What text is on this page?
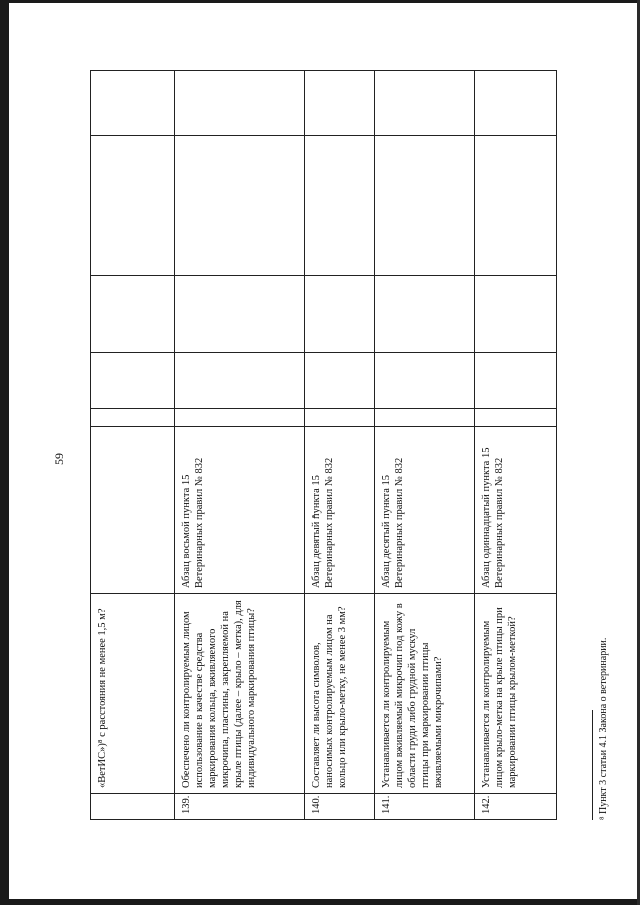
59
	«ВетИС»)⁸ с расстояния не менее 1,5 м?						
139.	Обеспечено ли контролируемым лицом использование в качестве средства маркирования кольца, вживляемого микрочипа, пластины, закрепляемой на крыле птицы (далее – крыло – метка), для индивидуального маркирования птицы?	Абзац восьмой пункта 15 Ветеринарных правил № 832					
140.	Составляет ли высота символов, наносимых контролируемым лицом на кольцо или крыло-метку, не менее 3 мм?	Абзац девятый пункта 15 Ветеринарных правил № 832					
141.	Устанавливается ли контролируемым лицом вживляемый микрочип под кожу в области груди либо грудной мускул птицы при маркировании птицы вживляемыми микрочипами?	Абзац десятый пункта 15 Ветеринарных правил № 832					
142.	Устанавливается ли контролируемым лицом крыло-метка на крыле птицы при маркировании птицы крылом-меткой?	Абзац одиннадцатый пункта 15 Ветеринарных правил № 832					
⁸ Пункт 3 статьи 4.1 Закона о ветеринарии.
